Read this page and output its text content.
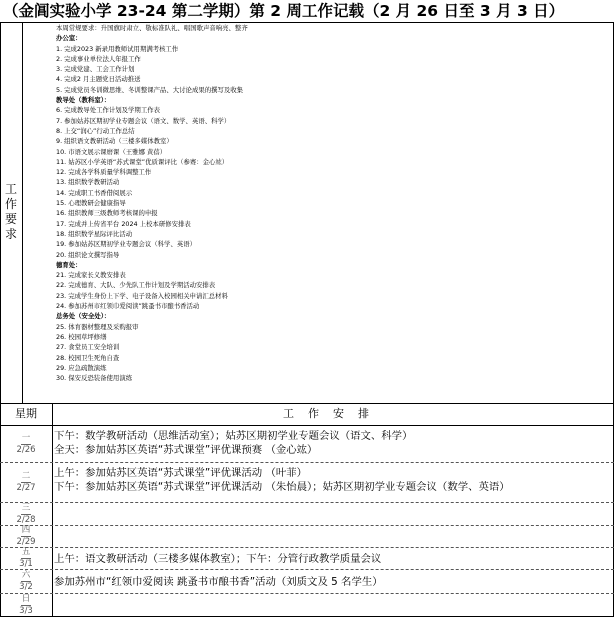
（金阊实验小学 23-24 第二学期）第 2 周工作记载（2 月 26 日至 3 月 3 日）
工
作
要
求
本周常规要求：升国旗时肃立、敬标准队礼、唱国歌声音响亮、整齐
办公室：
1. 完成2023 新录用教师试用期满考核工作
2. 完成事业单位法人年报工作
3. 完成党建、工会工作计划
4. 完成2 月主题党日活动推送
5. 完成党员冬训微思维、冬训整课产品、大讨论成果的撰写及收集
教导处（教科室）：
6. 完成教导处工作计划及学期工作表
7. 参加姑苏区期初学业专题会议（语文、数学、英语、科学）
8. 上交“润心”行动工作总结
9. 组织语文教研活动（三楼多媒体教室）
10. 市语文展示课磨课（王雅娜 黄蓓）
11. 姑苏区小学英语“苏式课堂”优质课评比（参赛：金心竑）
12. 完成各学科质量学科调整工作
13. 组织数学教研活动
14. 完成职工书香借阅展示
15. 心理教研会健康指导
16. 组织教师三级教师考核课的申报
17. 完成并上传省平台 2024 上校本研修安排表
18. 组织数学星际评比活动
19. 参加姑苏区期初学业专题会议（科学、英语）
20. 组织论文撰写指导
德育处：
21. 完成家长义教安排表
22. 完成德育、大队、少先队工作计划及学期活动安排表
23. 完成学生身份上下学、电子设备入校园相关申请汇总材料
24. 参加苏州市红领巾爱阅读”跳蚤书市酿书香活动
总务处（安全处）：
25. 体育器材整理及采购报审
26. 校园草坪修缮
27. 食堂员工安全培训
28. 校园卫生死角自查
29. 应急疏散演练
30. 保安反恐装备使用演练
星期	工作安排
一
2/26
下午：数学教研活动（思维活动室）；姑苏区期初学业专题会议（语文、科学）
全天：参加姑苏区英语“苏式课堂”评优课预赛 （金心竑）
二
2/27
上午：参加姑苏区英语“苏式课堂”评优课活动 （叶菲）
下午：参加姑苏区英语“苏式课堂”评优课活动 （朱怡晨）；姑苏区期初学业专题会议（数学、英语）
三
2/28
四
2/29
五
3/1 上午：语文教研活动（三楼多媒体教室）；下午：分管行政教学质量会议
六
3/2 参加苏州市“红领巾爱阅读 跳蚤书市酿书香”活动（刘质文及 5 名学生）
日
3/3
